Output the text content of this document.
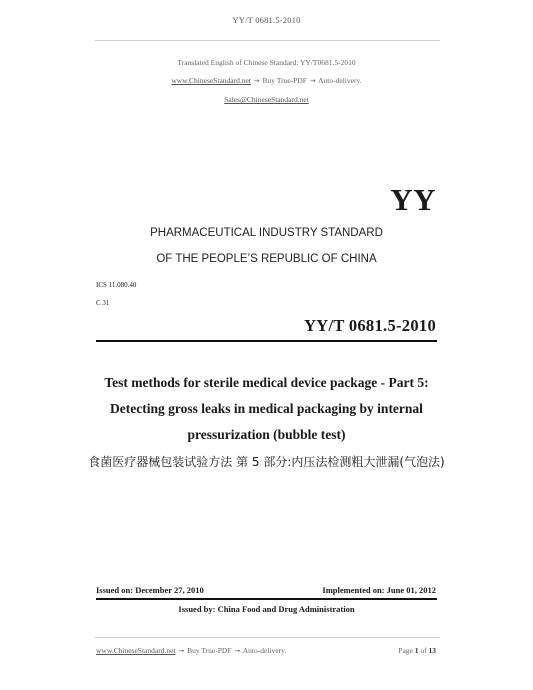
YY/T 0681.5-2010
Translated English of Chinese Standard: YY/T0681.5-2010
www.ChineseStandard.net → Buy True-PDF → Auto-delivery.
Sales@ChineseStandard.net
YY
PHARMACEUTICAL INDUSTRY STANDARD
OF THE PEOPLE’S REPUBLIC OF CHINA
ICS 11.080.40
C 31
YY/T 0681.5-2010
Test methods for sterile medical device package - Part 5:
Detecting gross leaks in medical packaging by internal
pressurization (bubble test)
食菌医疗器械包装试验方法 第 5 部分:内压法检测粗大泄漏(气泡法)
Issued on: December 27, 2010	Implemented on: June 01, 2012
Issued by: China Food and Drug Administration
www.ChineseStandard.net → Buy True-PDF → Auto-delivery.	Page 1 of 13
